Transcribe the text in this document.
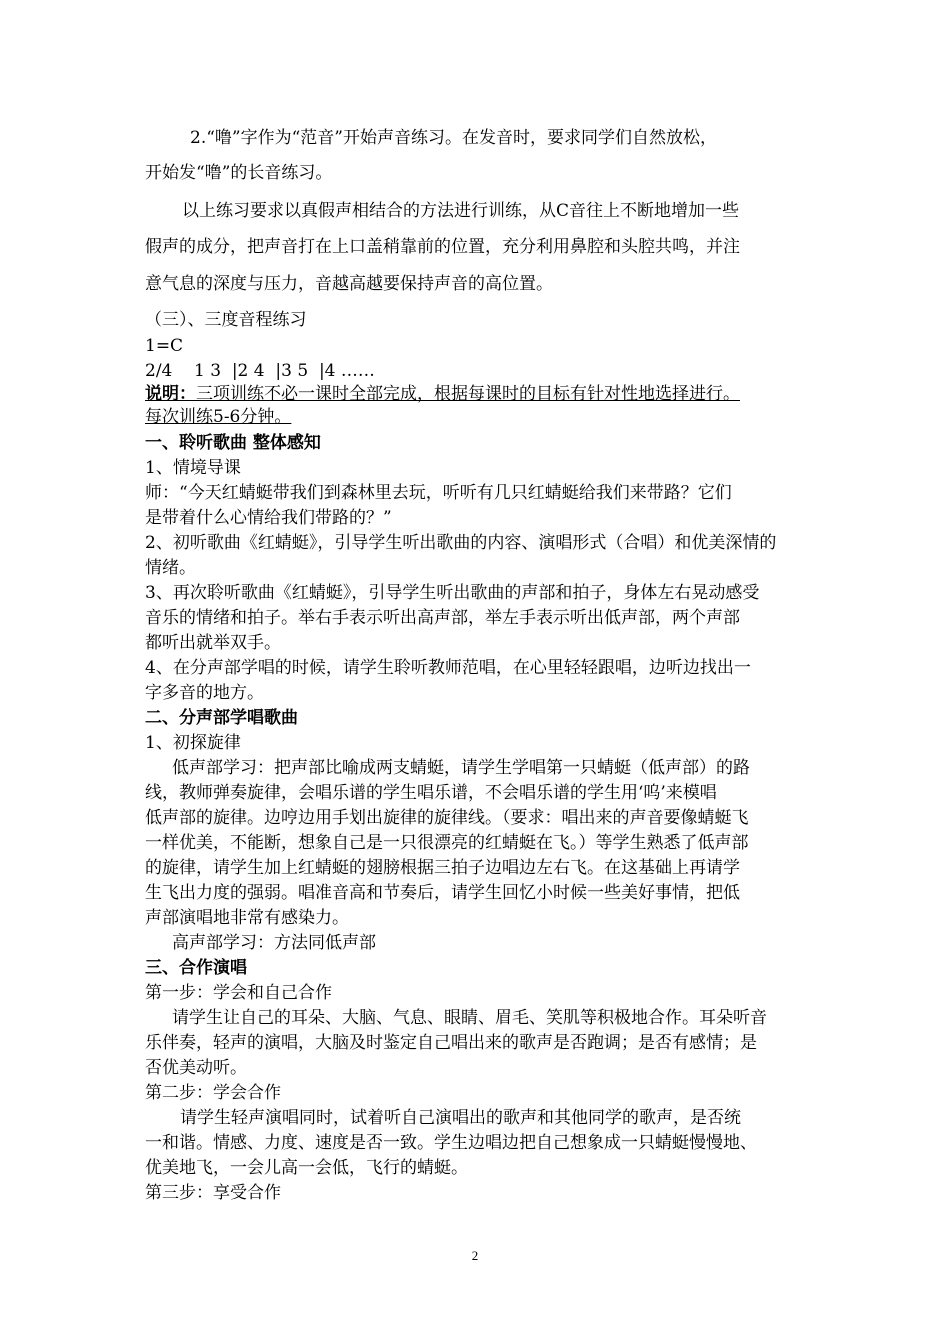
2.“噜”字作为“范音”开始声音练习。在发音时，要求同学们自然放松，
开始发“噜”的长音练习。
以上练习要求以真假声相结合的方法进行训练，从C音往上不断地增加一些
假声的成分，把声音打在上口盖稍靠前的位置，充分利用鼻腔和头腔共鸣，并注
意气息的深度与压力，音越高越要保持声音的高位置。
（三）、三度音程练习
1=C
2/4    1 3  |2 4  |3 5  |4 ……
说明：三项训练不必一课时全部完成，根据每课时的目标有针对性地选择进行。
每次训练5-6分钟。
一、聆听歌曲 整体感知
1、情境导课
师：“今天红蜻蜓带我们到森林里去玩，听听有几只红蜻蜓给我们来带路？它们
是带着什么心情给我们带路的？”
2、初听歌曲《红蜻蜓》，引导学生听出歌曲的内容、演唱形式（合唱）和优美深情的
情绪。
3、再次聆听歌曲《红蜻蜓》，引导学生听出歌曲的声部和拍子，身体左右晃动感受
音乐的情绪和拍子。举右手表示听出高声部，举左手表示听出低声部，两个声部
都听出就举双手。
4、在分声部学唱的时候，请学生聆听教师范唱，在心里轻轻跟唱，边听边找出一
字多音的地方。
二、分声部学唱歌曲
1、初探旋律
低声部学习：把声部比喻成两支蜻蜓，请学生学唱第一只蜻蜓（低声部）的路
线，教师弹奏旋律，会唱乐谱的学生唱乐谱，不会唱乐谱的学生用‘呜’来模唱
低声部的旋律。边哼边用手划出旋律的旋律线。（要求：唱出来的声音要像蜻蜓飞
一样优美，不能断，想象自己是一只很漂亮的红蜻蜓在飞。）等学生熟悉了低声部
的旋律，请学生加上红蜻蜓的翅膀根据三拍子边唱边左右飞。在这基础上再请学
生飞出力度的强弱。唱准音高和节奏后，请学生回忆小时候一些美好事情，把低
声部演唱地非常有感染力。
高声部学习：方法同低声部
三、合作演唱
第一步：学会和自己合作
请学生让自己的耳朵、大脑、气息、眼睛、眉毛、笑肌等积极地合作。耳朵听音
乐伴奏，轻声的演唱，大脑及时鉴定自己唱出来的歌声是否跑调；是否有感情；是
否优美动听。
第二步：学会合作
请学生轻声演唱同时，试着听自己演唱出的歌声和其他同学的歌声，是否统
一和谐。情感、力度、速度是否一致。学生边唱边把自己想象成一只蜻蜓慢慢地、
优美地飞，一会儿高一会低，飞行的蜻蜓。
第三步：享受合作
2
